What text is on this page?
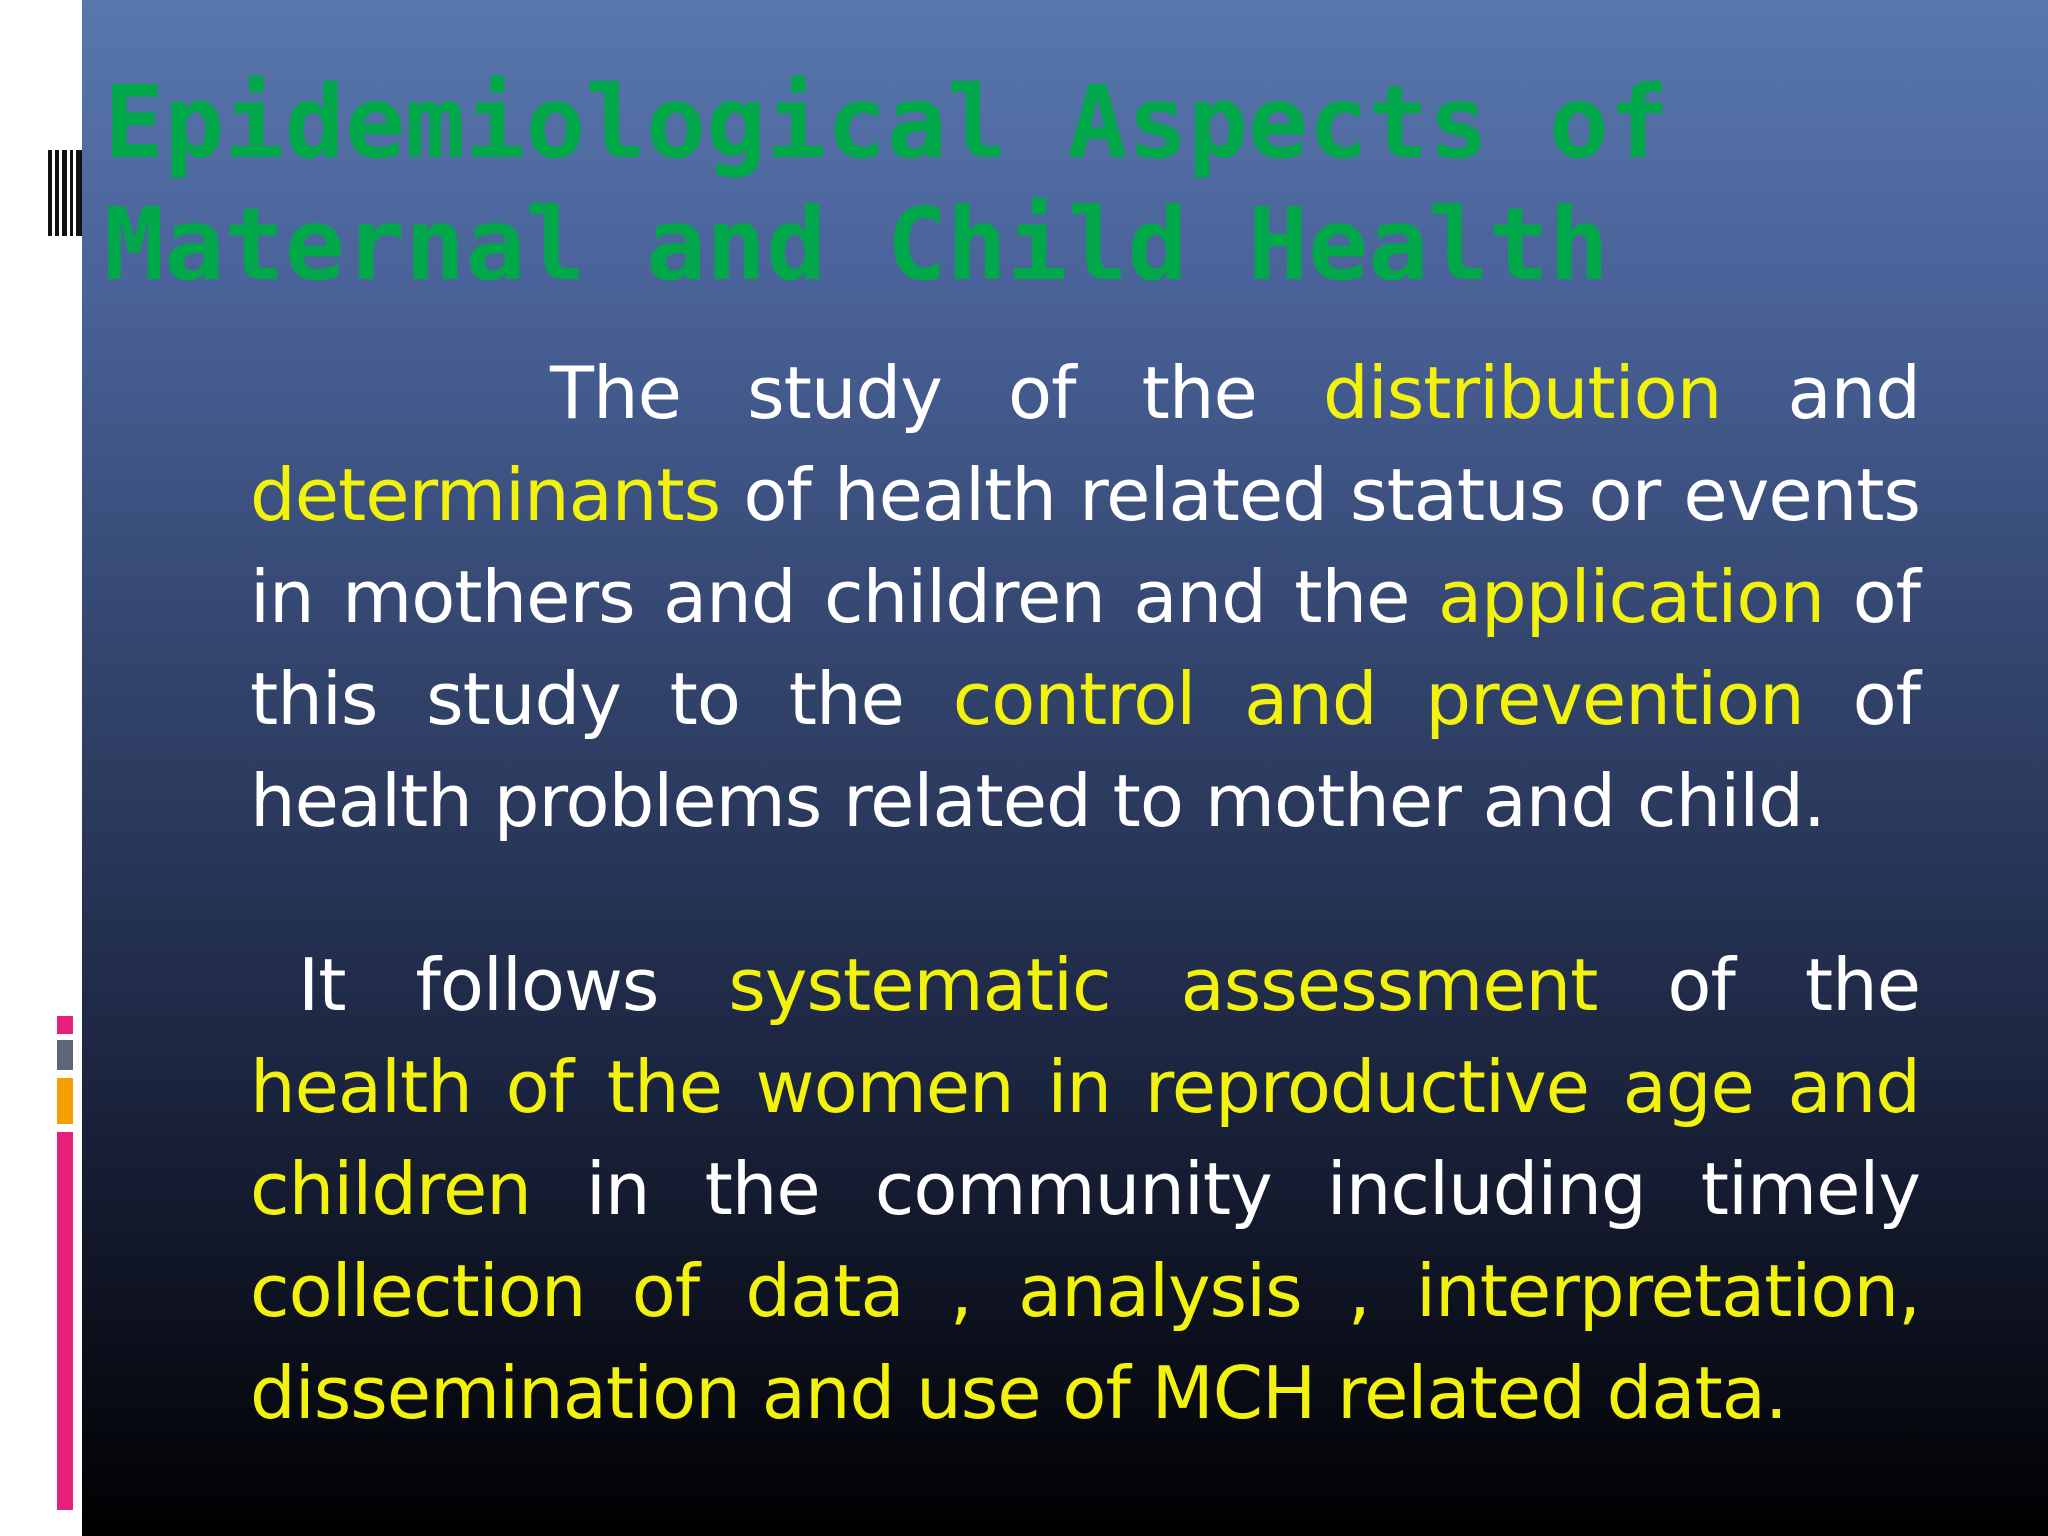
Epidemiological Aspects of
Maternal and Child Health

The study of the distribution and determinants of health related status or events in mothers and children and the application of this study to the control and prevention of health problems related to mother and child.

It follows systematic assessment of the health of the women in reproductive age and children in the community including timely collection of data , analysis , interpretation, dissemination and use of MCH related data.
